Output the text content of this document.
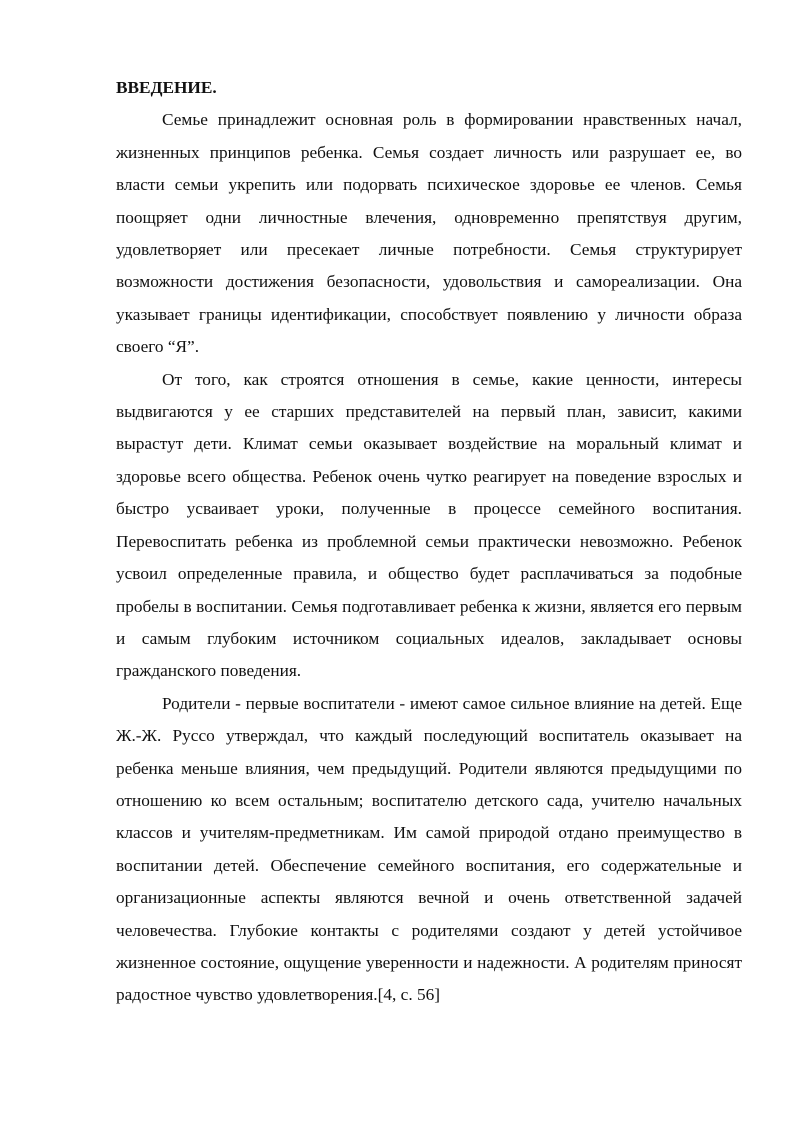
ВВЕДЕНИЕ.

Семье принадлежит основная роль в формировании нравственных начал, жизненных принципов ребенка. Семья создает личность или разрушает ее, во власти семьи укрепить или подорвать психическое здоровье ее членов. Семья поощряет одни личностные влечения, одновременно препятствуя другим, удовлетворяет или пресекает личные потребности. Семья структурирует возможности достижения безопасности, удовольствия и самореализации. Она указывает границы идентификации, способствует появлению у личности образа своего “Я”.

От того, как строятся отношения в семье, какие ценности, интересы выдвигаются у ее старших представителей на первый план, зависит, какими вырастут дети. Климат семьи оказывает воздействие на моральный климат и здоровье всего общества. Ребенок очень чутко реагирует на поведение взрослых и быстро усваивает уроки, полученные в процессе семейного воспитания. Перевоспитать ребенка из проблемной семьи практически невозможно. Ребенок усвоил определенные правила, и общество будет расплачиваться за подобные пробелы в воспитании. Семья подготавливает ребенка к жизни, является его первым и самым глубоким источником социальных идеалов, закладывает основы гражданского поведения.

Родители - первые воспитатели - имеют самое сильное влияние на детей. Еще Ж.-Ж. Руссо утверждал, что каждый последующий воспитатель оказывает на ребенка меньше влияния, чем предыдущий. Родители являются предыдущими по отношению ко всем остальным; воспитателю детского сада, учителю начальных классов и учителям-предметникам. Им самой природой отдано преимущество в воспитании детей. Обеспечение семейного воспитания, его содержательные и организационные аспекты являются вечной и очень ответственной задачей человечества. Глубокие контакты с родителями создают у детей устойчивое жизненное состояние, ощущение уверенности и надежности. А родителям приносят радостное чувство удовлетворения.[4, с. 56]
